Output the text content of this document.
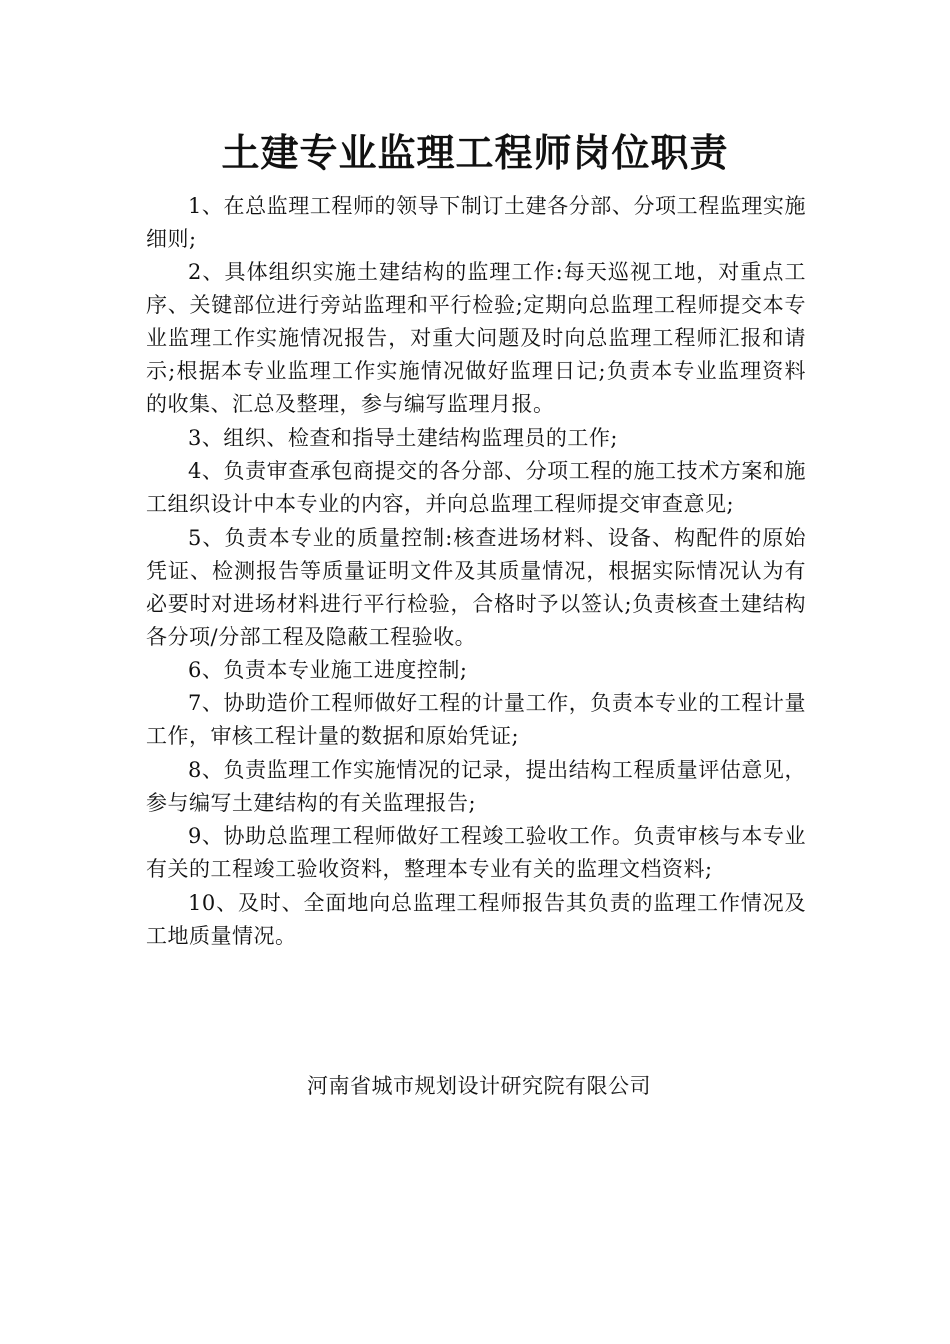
土建专业监理工程师岗位职责

1、在总监理工程师的领导下制订土建各分部、分项工程监理实施细则;

2、具体组织实施土建结构的监理工作:每天巡视工地，对重点工序、关键部位进行旁站监理和平行检验;定期向总监理工程师提交本专业监理工作实施情况报告，对重大问题及时向总监理工程师汇报和请示;根据本专业监理工作实施情况做好监理日记;负责本专业监理资料的收集、汇总及整理，参与编写监理月报。

3、组织、检查和指导土建结构监理员的工作;

4、负责审查承包商提交的各分部、分项工程的施工技术方案和施工组织设计中本专业的内容，并向总监理工程师提交审查意见;

5、负责本专业的质量控制:核查进场材料、设备、构配件的原始凭证、检测报告等质量证明文件及其质量情况，根据实际情况认为有必要时对进场材料进行平行检验，合格时予以签认;负责核查土建结构各分项/分部工程及隐蔽工程验收。

6、负责本专业施工进度控制;

7、协助造价工程师做好工程的计量工作，负责本专业的工程计量工作，审核工程计量的数据和原始凭证;

8、负责监理工作实施情况的记录，提出结构工程质量评估意见，参与编写土建结构的有关监理报告;

9、协助总监理工程师做好工程竣工验收工作。负责审核与本专业有关的工程竣工验收资料，整理本专业有关的监理文档资料;

10、及时、全面地向总监理工程师报告其负责的监理工作情况及工地质量情况。

河南省城市规划设计研究院有限公司
